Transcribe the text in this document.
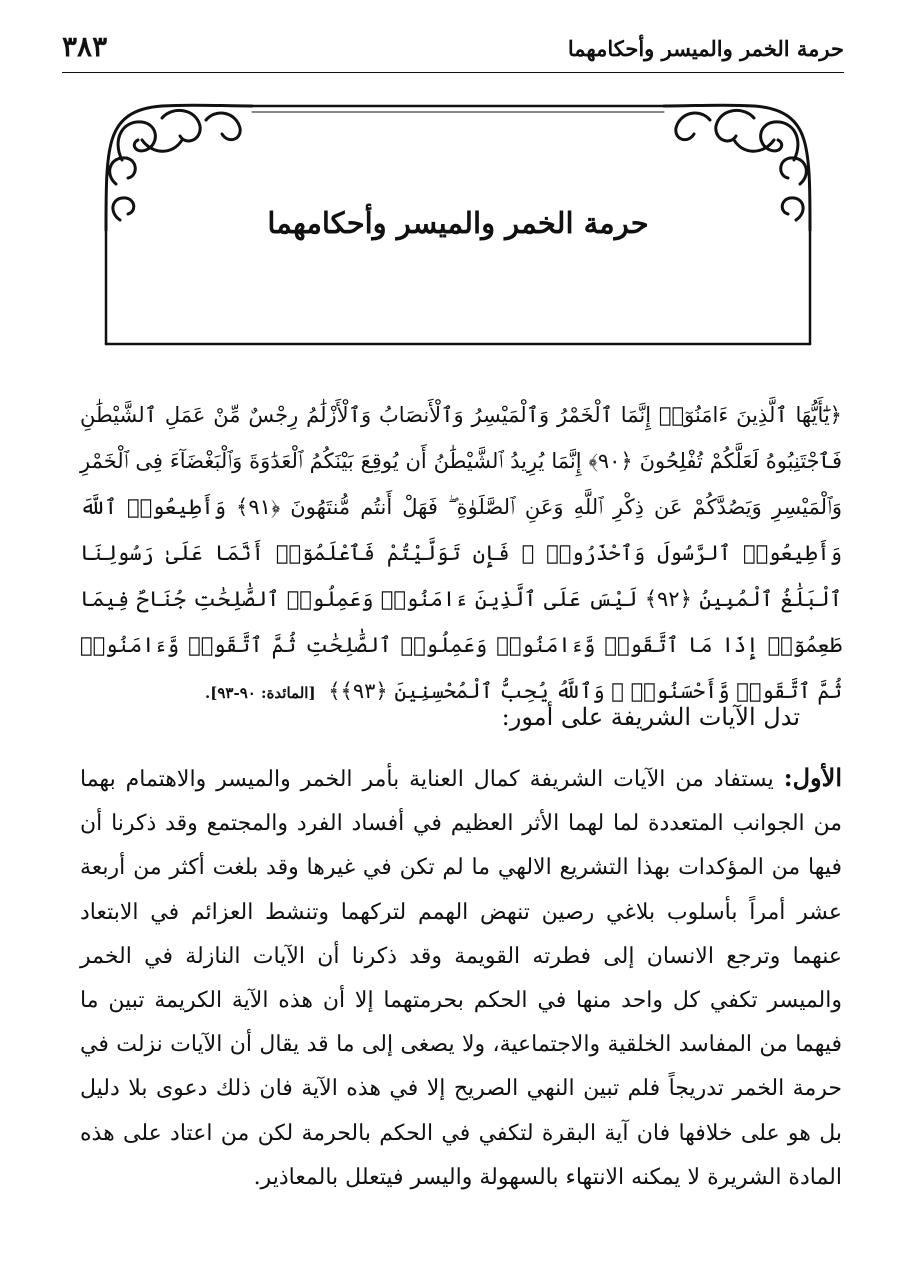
حرمة الخمر والميسر وأحكامهما
٣٨٣
حرمة الخمر والميسر وأحكامهما
﴿يَٰٓأَيُّهَا ٱلَّذِينَ ءَامَنُوٓا۟ إِنَّمَا ٱلْخَمْرُ وَٱلْمَيْسِرُ وَٱلْأَنصَابُ وَٱلْأَزْلَٰمُ رِجْسٌ مِّنْ عَمَلِ ٱلشَّيْطَٰنِ فَٱجْتَنِبُوهُ لَعَلَّكُمْ تُفْلِحُونَ ﴿٩٠﴾ إِنَّمَا يُرِيدُ ٱلشَّيْطَٰنُ أَن يُوقِعَ بَيْنَكُمُ ٱلْعَدَٰوَةَ وَٱلْبَغْضَآءَ فِى ٱلْخَمْرِ وَٱلْمَيْسِرِ وَيَصُدَّكُمْ عَن ذِكْرِ ٱللَّهِ وَعَنِ ٱلصَّلَوٰةِ ۖ فَهَلْ أَنتُم مُّنتَهُونَ ﴿٩١﴾ وَأَطِيعُوا۟ ٱللَّهَ وَأَطِيعُوا۟ ٱلرَّسُولَ وَٱحْذَرُوا۟ ۚ فَإِن تَوَلَّيْتُمْ فَٱعْلَمُوٓا۟ أَنَّمَا عَلَىٰ رَسُولِنَا ٱلْبَلَٰغُ ٱلْمُبِينُ ﴿٩٢﴾ لَيْسَ عَلَى ٱلَّذِينَ ءَامَنُوا۟ وَعَمِلُوا۟ ٱلصَّٰلِحَٰتِ جُنَاحٌ فِيمَا طَعِمُوٓا۟ إِذَا مَا ٱتَّقَوا۟ وَّءَامَنُوا۟ وَعَمِلُوا۟ ٱلصَّٰلِحَٰتِ ثُمَّ ٱتَّقَوا۟ وَّءَامَنُوا۟ ثُمَّ ٱتَّقَوا۟ وَّأَحْسَنُوا۟ ۗ وَٱللَّهُ يُحِبُّ ٱلْمُحْسِنِينَ ﴿٩٣﴾﴾ [المائدة: ٩٠-٩٣].
تدل الآيات الشريفة على أمور:
الأول: يستفاد من الآيات الشريفة كمال العناية بأمر الخمر والميسر والاهتمام بهما من الجوانب المتعددة لما لهما الأثر العظيم في أفساد الفرد والمجتمع وقد ذكرنا أن فيها من المؤكدات بهذا التشريع الالهي ما لم تكن في غيرها وقد بلغت أكثر من أربعة عشر أمراً بأسلوب بلاغي رصين تنهض الهمم لتركهما وتنشط العزائم في الابتعاد عنهما وترجع الانسان إلى فطرته القويمة وقد ذكرنا أن الآيات النازلة في الخمر والميسر تكفي كل واحد منها في الحكم بحرمتهما إلا أن هذه الآية الكريمة تبين ما فيهما من المفاسد الخلقية والاجتماعية، ولا يصغى إلى ما قد يقال أن الآيات نزلت في حرمة الخمر تدريجاً فلم تبين النهي الصريح إلا في هذه الآية فان ذلك دعوى بلا دليل بل هو على خلافها فان آية البقرة لتكفي في الحكم بالحرمة لكن من اعتاد على هذه المادة الشريرة لا يمكنه الانتهاء بالسهولة واليسر فيتعلل بالمعاذير.
